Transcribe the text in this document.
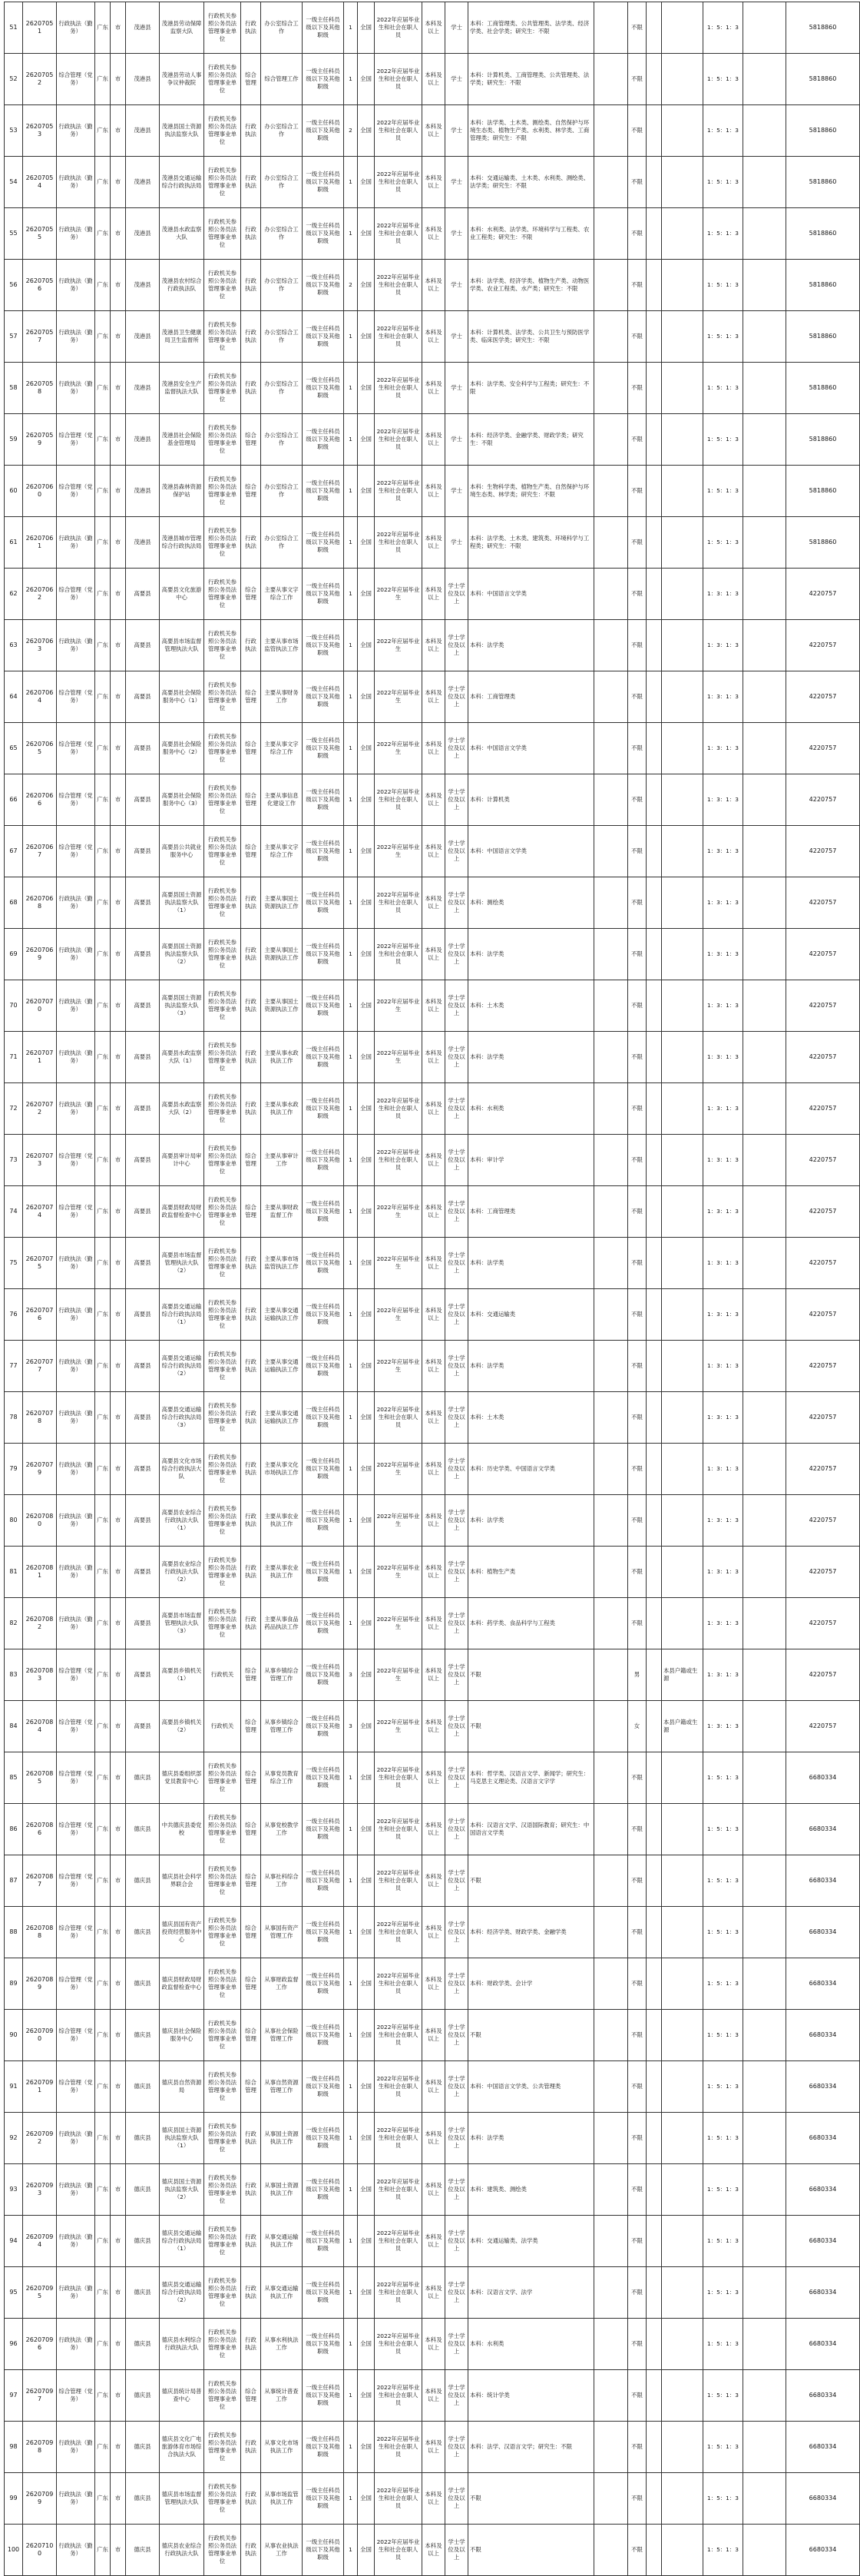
51	26207051	行政执法（勤务）	广东	市	茂港县	茂港县劳动保障监察大队	行政机关参照公务员法管理事业单位	行政执法	办公室综合工作	一级主任科员级以下及其他职级	1	全国	2022年应届毕业生和社会在职人员	本科及以上	学士	本科：工商管理类、公共管理类、法学类、经济学类、社会学类；研究生：不限		不限			1：5：1：3		5818860
52	26207052	综合管理（党务）	广东	市	茂港县	茂港县劳动人事争议仲裁院	行政机关参照公务员法管理事业单位	综合管理	综合管理工作	一级主任科员级以下及其他职级	1	全国	2022年应届毕业生和社会在职人员	本科及以上	学士	本科：计算机类、工商管理类、公共管理类、法学类；研究生：不限		不限			1：5：1：3		5818860
53	26207053	行政执法（勤务）	广东	市	茂港县	茂港县国土资源执法监察大队	行政机关参照公务员法管理事业单位	行政执法	办公室综合工作	一级主任科员级以下及其他职级	2	全国	2022年应届毕业生和社会在职人员	本科及以上	学士	本科：法学类、土木类、测绘类、自然保护与环境生态类、植物生产类、水利类、林学类、工商管理类；研究生：不限		不限			1：5：1：3		5818860
54	26207054	行政执法（勤务）	广东	市	茂港县	茂港县交通运输综合行政执法局	行政机关参照公务员法管理事业单位	行政执法	办公室综合工作	一级主任科员级以下及其他职级	1	全国	2022年应届毕业生和社会在职人员	本科及以上	学士	本科：交通运输类、土木类、水利类、测绘类、法学类；研究生：不限		不限			1：5：1：3		5818860
55	26207055	行政执法（勤务）	广东	市	茂港县	茂港县水政监察大队	行政机关参照公务员法管理事业单位	行政执法	办公室综合工作	一级主任科员级以下及其他职级	1	全国	2022年应届毕业生和社会在职人员	本科及以上	学士	本科：水利类、法学类、环境科学与工程类、农业工程类；研究生：不限		不限			1：5：1：3		5818860
56	26207056	行政执法（勤务）	广东	市	茂港县	茂港县农村综合行政执法队	行政机关参照公务员法管理事业单位	行政执法	办公室综合工作	一级主任科员级以下及其他职级	2	全国	2022年应届毕业生和社会在职人员	本科及以上	学士	本科：法学类、经济学类、植物生产类、动物医学类、农业工程类、水产类；研究生：不限		不限			1：5：1：3		5818860
57	26207057	行政执法（勤务）	广东	市	茂港县	茂港县卫生健康局卫生监督所	行政机关参照公务员法管理事业单位	行政执法	办公室综合工作	一级主任科员级以下及其他职级	1	全国	2022年应届毕业生和社会在职人员	本科及以上	学士	本科：计算机类、法学类、公共卫生与预防医学类、临床医学类；研究生：不限		不限			1：5：1：3		5818860
58	26207058	行政执法（勤务）	广东	市	茂港县	茂港县安全生产监督执法大队	行政机关参照公务员法管理事业单位	行政执法	办公室综合工作	一级主任科员级以下及其他职级	1	全国	2022年应届毕业生和社会在职人员	本科及以上	学士	本科：法学类、安全科学与工程类；研究生：不限		不限			1：5：1：3		5818860
59	26207059	综合管理（党务）	广东	市	茂港县	茂港县社会保险基金管理局	行政机关参照公务员法管理事业单位	综合管理	办公室综合工作	一级主任科员级以下及其他职级	1	全国	2022年应届毕业生和社会在职人员	本科及以上	学士	本科：经济学类、金融学类、财政学类；研究生：不限		不限			1：5：1：3		5818860
60	26207060	综合管理（党务）	广东	市	茂港县	茂港县森林资源保护站	行政机关参照公务员法管理事业单位	综合管理	办公室综合工作	一级主任科员级以下及其他职级	1	全国	2022年应届毕业生和社会在职人员	本科及以上	学士	本科：生物科学类、植物生产类、自然保护与环境生态类、林学类；研究生：不限		不限			1：5：1：3		5818860
61	26207061	行政执法（勤务）	广东	市	茂港县	茂港县城市管理综合行政执法局	行政机关参照公务员法管理事业单位	行政执法	办公室综合工作	一级主任科员级以下及其他职级	1	全国	2022年应届毕业生和社会在职人员	本科及以上	学士	本科：法学类、土木类、建筑类、环境科学与工程类；研究生：不限		不限			1：5：1：3		5818860
62	26207062	综合管理（党务）	广东	市	高要县	高要县文化旅游中心	行政机关参照公务员法管理事业单位	综合管理	主要从事文字综合工作	一级主任科员级以下及其他职级	1	全国	2022年应届毕业生	本科及以上	学士学位及以上	本科：中国语言文学类		不限			1：3：1：3		4220757
63	26207063	行政执法（勤务）	广东	市	高要县	高要县市场监督管理执法大队	行政机关参照公务员法管理事业单位	行政执法	主要从事市场监管执法工作	一级主任科员级以下及其他职级	1	全国	2022年应届毕业生	本科及以上	学士学位及以上	本科：法学类		不限			1：3：1：3		4220757
64	26207064	综合管理（党务）	广东	市	高要县	高要县社会保险服务中心（1）	行政机关参照公务员法管理事业单位	综合管理	主要从事财务工作	一级主任科员级以下及其他职级	1	全国	2022年应届毕业生	本科及以上	学士学位及以上	本科：工商管理类		不限			1：3：1：3		4220757
65	26207065	综合管理（党务）	广东	市	高要县	高要县社会保险服务中心（2）	行政机关参照公务员法管理事业单位	综合管理	主要从事文字综合工作	一级主任科员级以下及其他职级	1	全国	2022年应届毕业生	本科及以上	学士学位及以上	本科：中国语言文学类		不限			1：3：1：3		4220757
66	26207066	综合管理（党务）	广东	市	高要县	高要县社会保险服务中心（3）	行政机关参照公务员法管理事业单位	综合管理	主要从事信息化建设工作	一级主任科员级以下及其他职级	1	全国	2022年应届毕业生和社会在职人员	本科及以上	学士学位及以上	本科：计算机类		不限			1：3：1：3		4220757
67	26207067	综合管理（党务）	广东	市	高要县	高要县公共就业服务中心	行政机关参照公务员法管理事业单位	综合管理	主要从事文字综合工作	一级主任科员级以下及其他职级	1	全国	2022年应届毕业生	本科及以上	学士学位及以上	本科：中国语言文学类		不限			1：3：1：3		4220757
68	26207068	行政执法（勤务）	广东	市	高要县	高要县国土资源执法监察大队（1）	行政机关参照公务员法管理事业单位	行政执法	主要从事国土资源执法工作	一级主任科员级以下及其他职级	1	全国	2022年应届毕业生和社会在职人员	本科及以上	学士学位及以上	本科：测绘类		不限			1：3：1：3		4220757
69	26207069	行政执法（勤务）	广东	市	高要县	高要县国土资源执法监察大队（2）	行政机关参照公务员法管理事业单位	行政执法	主要从事国土资源执法工作	一级主任科员级以下及其他职级	1	全国	2022年应届毕业生和社会在职人员	本科及以上	学士学位及以上	本科：法学类		不限			1：3：1：3		4220757
70	26207070	行政执法（勤务）	广东	市	高要县	高要县国土资源执法监察大队（3）	行政机关参照公务员法管理事业单位	行政执法	主要从事国土资源执法工作	一级主任科员级以下及其他职级	1	全国	2022年应届毕业生	本科及以上	学士学位及以上	本科：土木类		不限			1：3：1：3		4220757
71	26207071	行政执法（勤务）	广东	市	高要县	高要县水政监察大队（1）	行政机关参照公务员法管理事业单位	行政执法	主要从事水政执法工作	一级主任科员级以下及其他职级	1	全国	2022年应届毕业生	本科及以上	学士学位及以上	本科：法学类		不限			1：3：1：3		4220757
72	26207072	行政执法（勤务）	广东	市	高要县	高要县水政监察大队（2）	行政机关参照公务员法管理事业单位	行政执法	主要从事水政执法工作	一级主任科员级以下及其他职级	1	全国	2022年应届毕业生和社会在职人员	本科及以上	学士学位及以上	本科：水利类		不限			1：3：1：3		4220757
73	26207073	综合管理（党务）	广东	市	高要县	高要县审计局审计中心	行政机关参照公务员法管理事业单位	综合管理	主要从事审计工作	一级主任科员级以下及其他职级	1	全国	2022年应届毕业生和社会在职人员	本科及以上	学士学位及以上	本科：审计学		不限			1：3：1：3		4220757
74	26207074	综合管理（党务）	广东	市	高要县	高要县财政局财政监督检查中心	行政机关参照公务员法管理事业单位	综合管理	主要从事财政监督工作	一级主任科员级以下及其他职级	1	全国	2022年应届毕业生	本科及以上	学士学位及以上	本科：工商管理类		不限			1：3：1：3		4220757
75	26207075	行政执法（勤务）	广东	市	高要县	高要县市场监督管理执法大队（2）	行政机关参照公务员法管理事业单位	行政执法	主要从事市场监管执法工作	一级主任科员级以下及其他职级	1	全国	2022年应届毕业生	本科及以上	学士学位及以上	本科：法学类		不限			1：3：1：3		4220757
76	26207076	行政执法（勤务）	广东	市	高要县	高要县交通运输综合行政执法局（1）	行政机关参照公务员法管理事业单位	行政执法	主要从事交通运输执法工作	一级主任科员级以下及其他职级	1	全国	2022年应届毕业生	本科及以上	学士学位及以上	本科：交通运输类		不限			1：3：1：3		4220757
77	26207077	行政执法（勤务）	广东	市	高要县	高要县交通运输综合行政执法局（2）	行政机关参照公务员法管理事业单位	行政执法	主要从事交通运输执法工作	一级主任科员级以下及其他职级	1	全国	2022年应届毕业生	本科及以上	学士学位及以上	本科：法学类		不限			1：3：1：3		4220757
78	26207078	行政执法（勤务）	广东	市	高要县	高要县交通运输综合行政执法局（3）	行政机关参照公务员法管理事业单位	行政执法	主要从事交通运输执法工作	一级主任科员级以下及其他职级	1	全国	2022年应届毕业生和社会在职人员	本科及以上	学士学位及以上	本科：土木类		不限			1：3：1：3		4220757
79	26207079	行政执法（勤务）	广东	市	高要县	高要县文化市场综合行政执法大队	行政机关参照公务员法管理事业单位	行政执法	主要从事文化市场执法工作	一级主任科员级以下及其他职级	1	全国	2022年应届毕业生	本科及以上	学士学位及以上	本科：历史学类、中国语言文学类		不限			1：3：1：3		4220757
80	26207080	行政执法（勤务）	广东	市	高要县	高要县农业综合行政执法大队（1）	行政机关参照公务员法管理事业单位	行政执法	主要从事农业执法工作	一级主任科员级以下及其他职级	1	全国	2022年应届毕业生	本科及以上	学士学位及以上	本科：法学类		不限			1：3：1：3		4220757
81	26207081	行政执法（勤务）	广东	市	高要县	高要县农业综合行政执法大队（2）	行政机关参照公务员法管理事业单位	行政执法	主要从事农业执法工作	一级主任科员级以下及其他职级	1	全国	2022年应届毕业生	本科及以上	学士学位及以上	本科：植物生产类		不限			1：3：1：3		4220757
82	26207082	行政执法（勤务）	广东	市	高要县	高要县市场监督管理执法大队（3）	行政机关参照公务员法管理事业单位	行政执法	主要从事食品药品执法工作	一级主任科员级以下及其他职级	1	全国	2022年应届毕业生	本科及以上	学士学位及以上	本科：药学类、食品科学与工程类		不限			1：3：1：3		4220757
83	26207083	综合管理（党务）	广东	市	高要县	高要县乡镇机关（1）	行政机关	综合管理	从事乡镇综合管理工作	一级主任科员级以下及其他职级	3	全国	2022年应届毕业生	本科及以上	学士学位及以上	不限		男		本县户籍或生源	1：3：1：3		4220757
84	26207084	综合管理（党务）	广东	市	高要县	高要县乡镇机关（2）	行政机关	综合管理	从事乡镇综合管理工作	一级主任科员级以下及其他职级	3	全国	2022年应届毕业生	本科及以上	学士学位及以上	不限		女		本县户籍或生源	1：3：1：3		4220757
85	26207085	综合管理（党务）	广东	市	德庆县	德庆县委组织部党员教育中心	行政机关参照公务员法管理事业单位	综合管理	从事党员教育综合工作	一级主任科员级以下及其他职级	1	全国	2022年应届毕业生和社会在职人员	本科及以上	学士学位及以上	本科：哲学类、汉语言文学、新闻学；研究生：马克思主义理论类、汉语言文字学		不限			1：5：1：3		6680334
86	26207086	综合管理（党务）	广东	市	德庆县	中共德庆县委党校	行政机关参照公务员法管理事业单位	综合管理	从事党校教学工作	一级主任科员级以下及其他职级	1	全国	2022年应届毕业生和社会在职人员	本科及以上	学士学位及以上	本科：汉语言文学、汉语国际教育；研究生：中国语言文学类		不限			1：5：1：3		6680334
87	26207087	综合管理（党务）	广东	市	德庆县	德庆县社会科学界联合会	行政机关参照公务员法管理事业单位	综合管理	从事社科综合工作	一级主任科员级以下及其他职级	1	全国	2022年应届毕业生和社会在职人员	本科及以上	学士学位及以上	不限		不限			1：5：1：3		6680334
88	26207088	综合管理（党务）	广东	市	德庆县	德庆县国有资产投资经营服务中心	行政机关参照公务员法管理事业单位	综合管理	从事国有资产管理工作	一级主任科员级以下及其他职级	1	全国	2022年应届毕业生和社会在职人员	本科及以上	学士学位及以上	本科：经济学类、财政学类、金融学类		不限			1：5：1：3		6680334
89	26207089	综合管理（党务）	广东	市	德庆县	德庆县财政局财政监督检查中心	行政机关参照公务员法管理事业单位	综合管理	从事财政监督工作	一级主任科员级以下及其他职级	1	全国	2022年应届毕业生和社会在职人员	本科及以上	学士学位及以上	本科：财政学类、会计学		不限			1：5：1：3		6680334
90	26207090	综合管理（党务）	广东	市	德庆县	德庆县社会保险服务中心	行政机关参照公务员法管理事业单位	综合管理	从事社会保险管理工作	一级主任科员级以下及其他职级	1	全国	2022年应届毕业生和社会在职人员	本科及以上	学士学位及以上	不限		不限			1：5：1：3		6680334
91	26207091	综合管理（党务）	广东	市	德庆县	德庆县自然资源局	行政机关参照公务员法管理事业单位	综合管理	从事自然资源管理工作	一级主任科员级以下及其他职级	1	全国	2022年应届毕业生和社会在职人员	本科及以上	学士学位及以上	本科：中国语言文学类、公共管理类		不限			1：5：1：3		6680334
92	26207092	行政执法（勤务）	广东	市	德庆县	德庆县国土资源执法监察大队（1）	行政机关参照公务员法管理事业单位	行政执法	从事国土资源执法工作	一级主任科员级以下及其他职级	1	全国	2022年应届毕业生和社会在职人员	本科及以上	学士学位及以上	本科：法学类		不限			1：5：1：3		6680334
93	26207093	行政执法（勤务）	广东	市	德庆县	德庆县国土资源执法监察大队（2）	行政机关参照公务员法管理事业单位	行政执法	从事国土资源执法工作	一级主任科员级以下及其他职级	1	全国	2022年应届毕业生和社会在职人员	本科及以上	学士学位及以上	本科：建筑类、测绘类		不限			1：5：1：3		6680334
94	26207094	行政执法（勤务）	广东	市	德庆县	德庆县交通运输综合行政执法局（1）	行政机关参照公务员法管理事业单位	行政执法	从事交通运输执法工作	一级主任科员级以下及其他职级	1	全国	2022年应届毕业生和社会在职人员	本科及以上	学士学位及以上	本科：交通运输类、法学类		不限			1：5：1：3		6680334
95	26207095	行政执法（勤务）	广东	市	德庆县	德庆县交通运输综合行政执法局（2）	行政机关参照公务员法管理事业单位	行政执法	从事交通运输执法工作	一级主任科员级以下及其他职级	1	全国	2022年应届毕业生和社会在职人员	本科及以上	学士学位及以上	本科：汉语言文学、法学		不限			1：5：1：3		6680334
96	26207096	行政执法（勤务）	广东	市	德庆县	德庆县水利综合行政执法大队	行政机关参照公务员法管理事业单位	行政执法	从事水利执法工作	一级主任科员级以下及其他职级	1	全国	2022年应届毕业生和社会在职人员	本科及以上	学士学位及以上	本科：水利类		不限			1：5：1：3		6680334
97	26207097	综合管理（党务）	广东	市	德庆县	德庆县统计局普查中心	行政机关参照公务员法管理事业单位	综合管理	从事统计普查工作	一级主任科员级以下及其他职级	1	全国	2022年应届毕业生和社会在职人员	本科及以上	学士学位及以上	本科：统计学类		不限			1：5：1：3		6680334
98	26207098	行政执法（勤务）	广东	市	德庆县	德庆县文化广电旅游体育市场综合执法大队	行政机关参照公务员法管理事业单位	行政执法	从事文化市场执法工作	一级主任科员级以下及其他职级	1	全国	2022年应届毕业生和社会在职人员	本科及以上	学士学位及以上	本科：法学、汉语言文学；研究生：不限		不限			1：5：1：3		6680334
99	26207099	行政执法（勤务）	广东	市	德庆县	德庆县市场监督管理执法大队	行政机关参照公务员法管理事业单位	行政执法	从事市场监管执法工作	一级主任科员级以下及其他职级	1	全国	2022年应届毕业生和社会在职人员	本科及以上	学士学位及以上	不限		不限			1：5：1：3		6680334
100	26207100	行政执法（勤务）	广东	市	德庆县	德庆县农业综合行政执法大队	行政机关参照公务员法管理事业单位	行政执法	从事农业执法工作	一级主任科员级以下及其他职级	1	全国	2022年应届毕业生和社会在职人员	本科及以上	学士学位及以上	不限		不限			1：5：1：3		6680334
